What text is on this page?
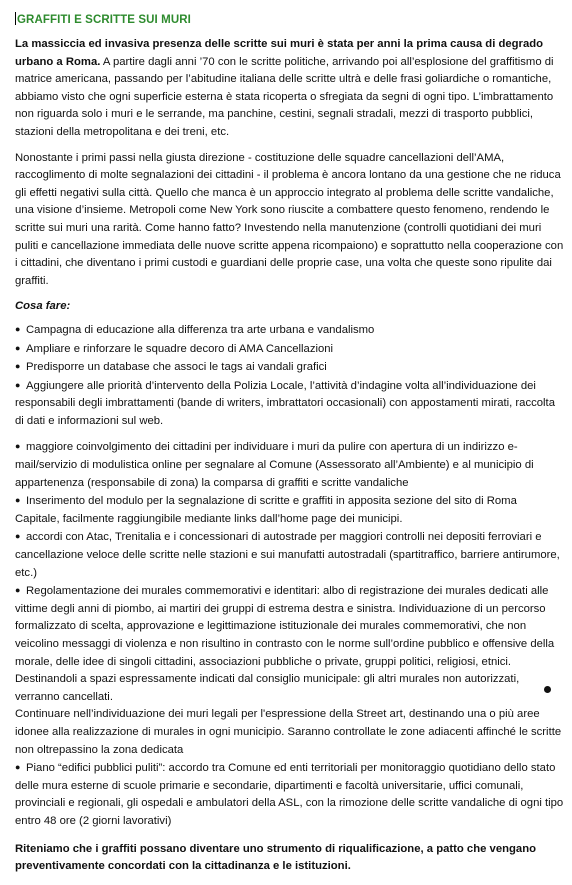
GRAFFITI E SCRITTE SUI MURI

La massiccia ed invasiva presenza delle scritte sui muri è stata per anni la prima causa di degrado urbano a Roma. A partire dagli anni ’70 con le scritte politiche, arrivando poi all’esplosione del graffitismo di matrice americana, passando per l’abitudine italiana delle scritte ultrà e delle frasi goliardiche o romantiche, abbiamo visto che ogni superficie esterna è stata ricoperta o sfregiata da segni di ogni tipo. L’imbrattamento non riguarda solo i muri e le serrande, ma panchine, cestini, segnali stradali, mezzi di trasporto pubblici, stazioni della metropolitana e dei treni, etc.

Nonostante i primi passi nella giusta direzione - costituzione delle squadre cancellazioni dell’AMA, raccoglimento di molte segnalazioni dei cittadini - il problema è ancora lontano da una gestione che ne riduca gli effetti negativi sulla città. Quello che manca è un approccio integrato al problema delle scritte vandaliche, una visione d’insieme. Metropoli come New York sono riuscite a combattere questo fenomeno, rendendo le scritte sui muri una rarità. Come hanno fatto? Investendo nella manutenzione (controlli quotidiani dei muri puliti e cancellazione immediata delle nuove scritte appena ricompaiono) e soprattutto nella cooperazione con i cittadini, che diventano i primi custodi e guardiani delle proprie case, una volta che queste sono ripulite dai graffiti.

Cosa fare:

● Campagna di educazione alla differenza tra arte urbana e vandalismo
● Ampliare e rinforzare le squadre decoro di AMA Cancellazioni
● Predisporre un database che associ le tags ai vandali grafici
● Aggiungere alle priorità d’intervento della Polizia Locale, l’attività d’indagine volta all’individuazione dei responsabili degli imbrattamenti (bande di writers, imbrattatori occasionali) con appostamenti mirati, raccolta di dati e informazioni sul web.
● maggiore coinvolgimento dei cittadini per individuare i muri da pulire con apertura di un indirizzo e-mail/servizio di modulistica online per segnalare al Comune (Assessorato all’Ambiente) e al municipio di appartenenza (responsabile di zona) la comparsa di graffiti e scritte vandaliche
● Inserimento del modulo per la segnalazione di scritte e graffiti in apposita sezione del sito di Roma Capitale, facilmente raggiungibile mediante links dall’home page dei municipi.
● accordi con Atac, Trenitalia e i concessionari di autostrade per maggiori controlli nei depositi ferroviari e cancellazione veloce delle scritte nelle stazioni e sui manufatti autostradali (spartitraffico, barriere antirumore, etc.)
● Regolamentazione dei murales commemorativi e identitari: albo di registrazione dei murales dedicati alle vittime degli anni di piombo, ai martiri dei gruppi di estrema destra e sinistra. Individuazione di un percorso formalizzato di scelta, approvazione e legittimazione istituzionale dei murales commemorativi, che non veicolino messaggi di violenza e non risultino in contrasto con le norme sull’ordine pubblico e offensive della morale, delle idee di singoli cittadini, associazioni pubbliche o private, gruppi politici, religiosi, etnici. Destinandoli a spazi espressamente indicati dal consiglio municipale: gli altri murales non autorizzati, verranno cancellati.
Continuare nell’individuazione dei muri legali per l'espressione della Street art, destinando una o più aree idonee alla realizzazione di murales in ogni municipio. Saranno controllate le zone adiacenti affinché le scritte non oltrepassino la zona dedicata
● Piano “edifici pubblici puliti”: accordo tra Comune ed enti territoriali per monitoraggio quotidiano dello stato delle mura esterne di scuole primarie e secondarie, dipartimenti e facoltà universitarie, uffici comunali, provinciali e regionali, gli ospedali e ambulatori della ASL, con la rimozione delle scritte vandaliche di ogni tipo entro 48 ore (2 giorni lavorativi)

Riteniamo che i graffiti possano diventare uno strumento di riqualificazione, a patto che vengano preventivamente concordati con la cittadinanza e le istituzioni.
